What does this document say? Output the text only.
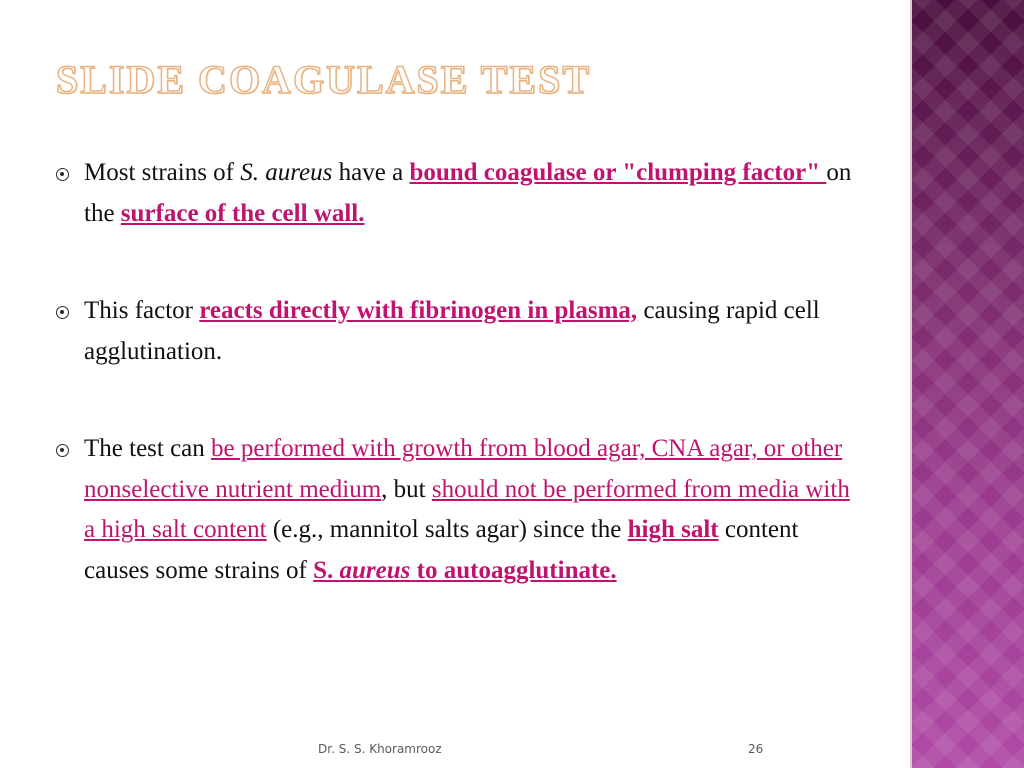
SLIDE COAGULASE TEST
Most strains of S. aureus have a bound coagulase or "clumping factor" on the surface of the cell wall.
This factor reacts directly with fibrinogen in plasma, causing rapid cell agglutination.
The test can be performed with growth from blood agar, CNA agar, or other nonselective nutrient medium, but should not be performed from media with a high salt content (e.g., mannitol salts agar) since the high salt content causes some strains of S. aureus to autoagglutinate.
Dr. S. S. Khoramrooz	26
